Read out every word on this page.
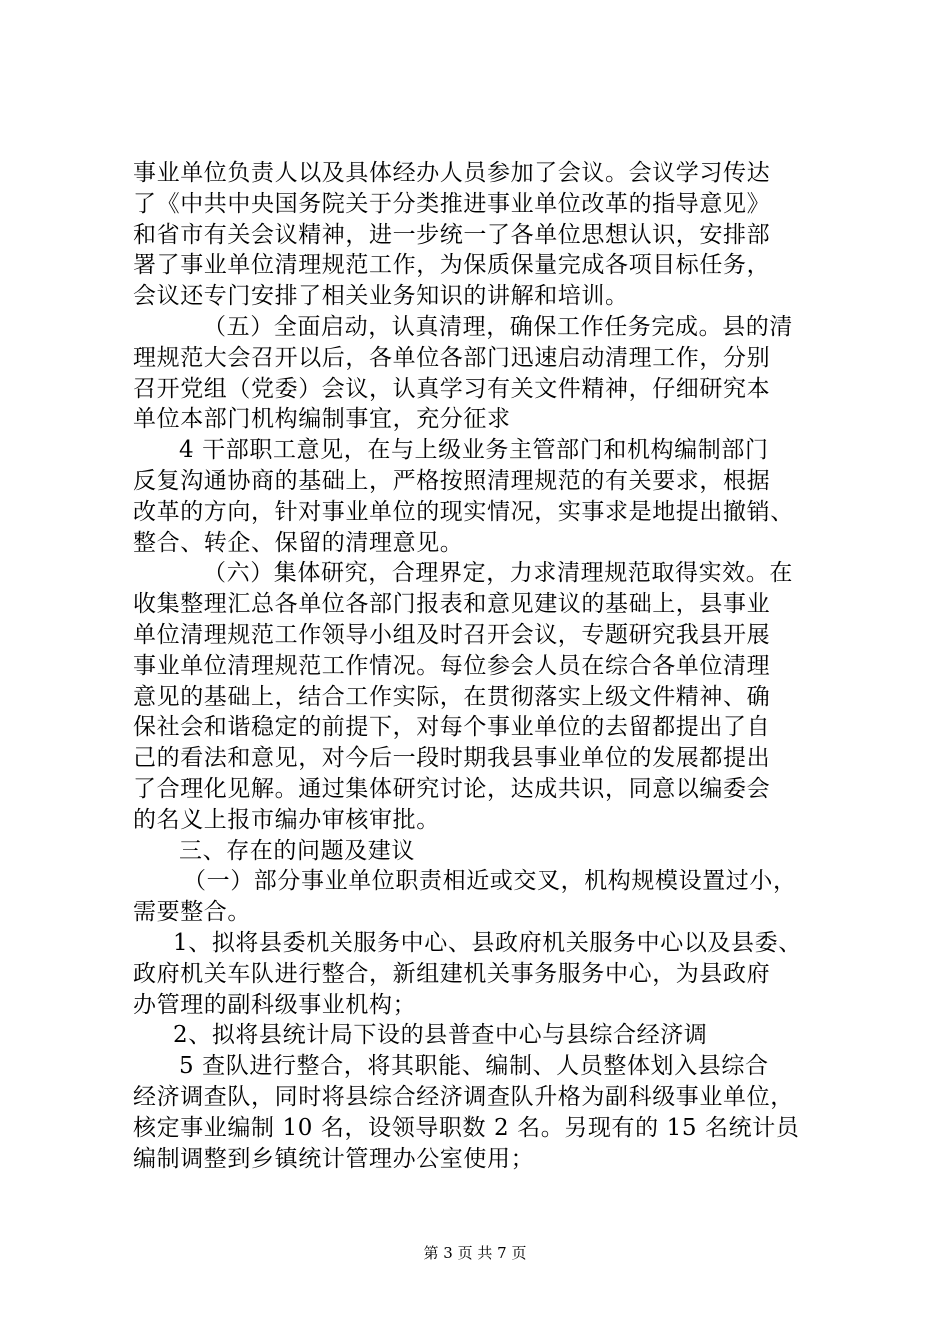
事业单位负责人以及具体经办人员参加了会议。会议学习传达
了《中共中央国务院关于分类推进事业单位改革的指导意见》
和省市有关会议精神，进一步统一了各单位思想认识，安排部
署了事业单位清理规范工作，为保质保量完成各项目标任务，
会议还专门安排了相关业务知识的讲解和培训。
（五）全面启动，认真清理，确保工作任务完成。县的清
理规范大会召开以后，各单位各部门迅速启动清理工作，分别
召开党组（党委）会议，认真学习有关文件精神，仔细研究本
单位本部门机构编制事宜，充分征求
4 干部职工意见，在与上级业务主管部门和机构编制部门
反复沟通协商的基础上，严格按照清理规范的有关要求，根据
改革的方向，针对事业单位的现实情况，实事求是地提出撤销、
整合、转企、保留的清理意见。
（六）集体研究，合理界定，力求清理规范取得实效。在
收集整理汇总各单位各部门报表和意见建议的基础上，县事业
单位清理规范工作领导小组及时召开会议，专题研究我县开展
事业单位清理规范工作情况。每位参会人员在综合各单位清理
意见的基础上，结合工作实际，在贯彻落实上级文件精神、确
保社会和谐稳定的前提下，对每个事业单位的去留都提出了自
己的看法和意见，对今后一段时期我县事业单位的发展都提出
了合理化见解。通过集体研究讨论，达成共识，同意以编委会
的名义上报市编办审核审批。
三、存在的问题及建议
（一）部分事业单位职责相近或交叉，机构规模设置过小，
需要整合。
1、拟将县委机关服务中心、县政府机关服务中心以及县委、
政府机关车队进行整合，新组建机关事务服务中心，为县政府
办管理的副科级事业机构；
2、拟将县统计局下设的县普查中心与县综合经济调
5 查队进行整合，将其职能、编制、人员整体划入县综合
经济调查队，同时将县综合经济调查队升格为副科级事业单位，
核定事业编制 10 名，设领导职数 2 名。另现有的 15 名统计员
编制调整到乡镇统计管理办公室使用；
第 3 页 共 7 页
